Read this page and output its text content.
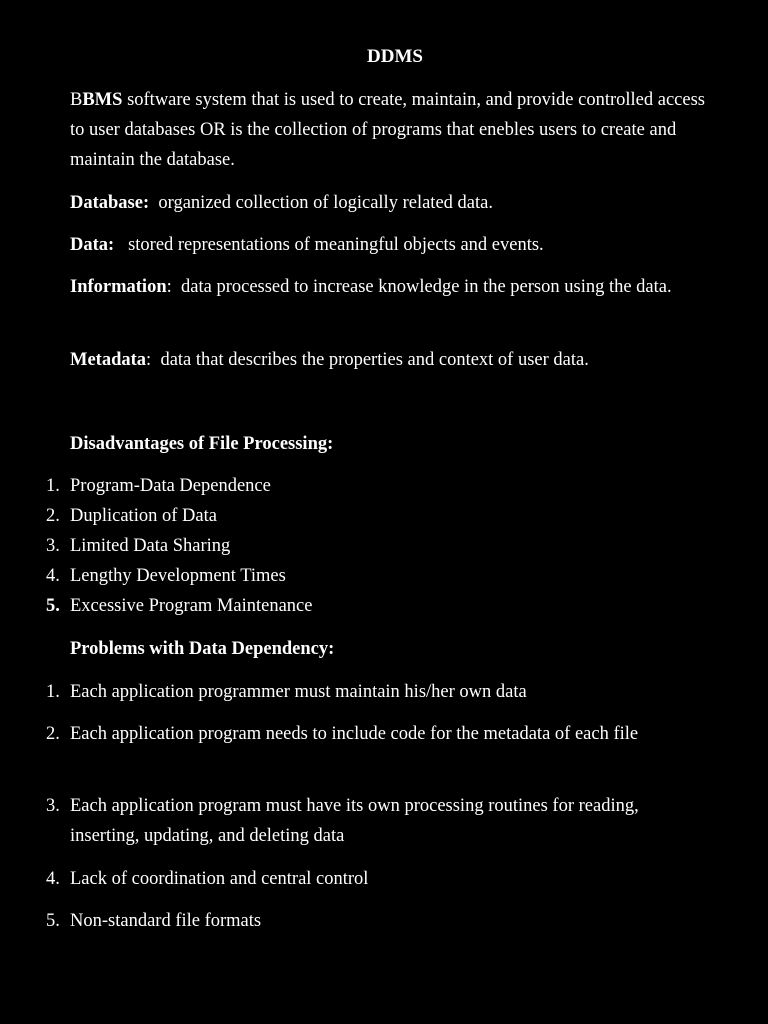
DDMS
BBMS software system that is used to create, maintain, and provide controlled access to user databases OR is the collection of programs that enebles users to create and maintain the database.
Database: organized collection of logically related data.
Data: stored representations of meaningful objects and events.
Information:  data processed to increase knowledge in the person using the data.
Metadata:  data that describes the properties and context of user data.
Disadvantages of File Processing:
1. Program-Data Dependence
2. Duplication of Data
3. Limited Data Sharing
4. Lengthy Development Times
5. Excessive Program Maintenance
Problems with Data Dependency:
1. Each application programmer must maintain his/her own data
2. Each application program needs to include code for the metadata of each file
3. Each application program must have its own processing routines for reading, inserting, updating, and deleting data
4. Lack of coordination and central control
5. Non-standard file formats
